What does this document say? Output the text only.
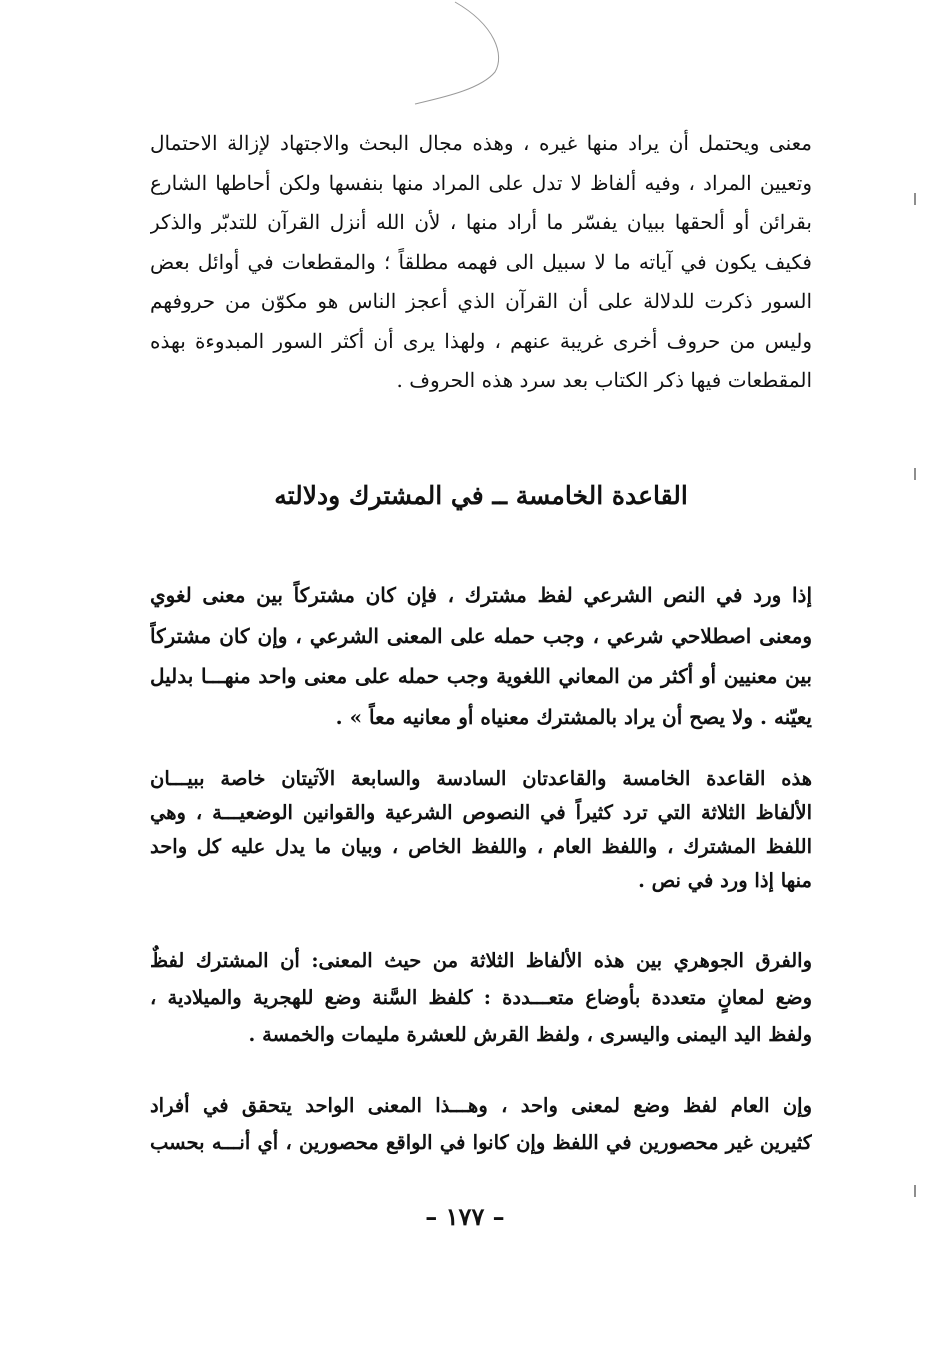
معنى ويحتمل أن يراد منها غيره ، وهذه مجال البحث والاجتهاد لإزالة الاحتمال
وتعيين المراد ، وفيه ألفاظ لا تدل على المراد منها بنفسها ولكن أحاطها الشارع
بقرائن أو ألحقها ببيان يفسّر ما أراد منها ، لأن الله أنزل القرآن للتدبّر والذكر
فكيف يكون في آياته ما لا سبيل الى فهمه مطلقاً ؛ والمقطعات في أوائل بعض
السور ذكرت للدلالة على أن القرآن الذي أعجز الناس هو مكوّن من حروفهم
وليس من حروف أخرى غريبة عنهم ، ولهذا يرى أن أكثر السور المبدوءة بهذه
المقطعات فيها ذكر الكتاب بعد سرد هذه الحروف .
القاعدة الخامسة ــ في المشترك ودلالته
إذا ورد في النص الشرعي لفظ مشترك ، فإن كان مشتركاً بين معنى لغوي
ومعنى اصطلاحي شرعي ، وجب حمله على المعنى الشرعي ، وإن كان مشتركاً
بين معنيين أو أكثر من المعاني اللغوية وجب حمله على معنى واحد منهـــا بدليل
يعيّنه . ولا يصح أن يراد بالمشترك معنياه أو معانيه معاً » .
هذه القاعدة الخامسة والقاعدتان السادسة والسابعة الآتيتان خاصة ببيـــان
الألفاظ الثلاثة التي ترد كثيراً في النصوص الشرعية والقوانين الوضعيـــة ، وهي
اللفظ المشترك ، واللفظ العام ، واللفظ الخاص ، وبيان ما يدل عليه كل واحد
منها إذا ورد في نص .
والفرق الجوهري بين هذه الألفاظ الثلاثة من حيث المعنى: أن المشترك لفظٌ
وضع لمعانٍ متعددة بأوضاع متعـــددة : كلفظ السَّنة وضع للهجرية والميلادية ،
ولفظ اليد اليمنى واليسرى ، ولفظ القرش للعشرة مليمات والخمسة .
وإن العام لفظ وضع لمعنى واحد ، وهـــذا المعنى الواحد يتحقق في أفراد
كثيرين غير محصورين في اللفظ وإن كانوا في الواقع محصورين ، أي أنـــه بحسب
– ١٧٧ –
